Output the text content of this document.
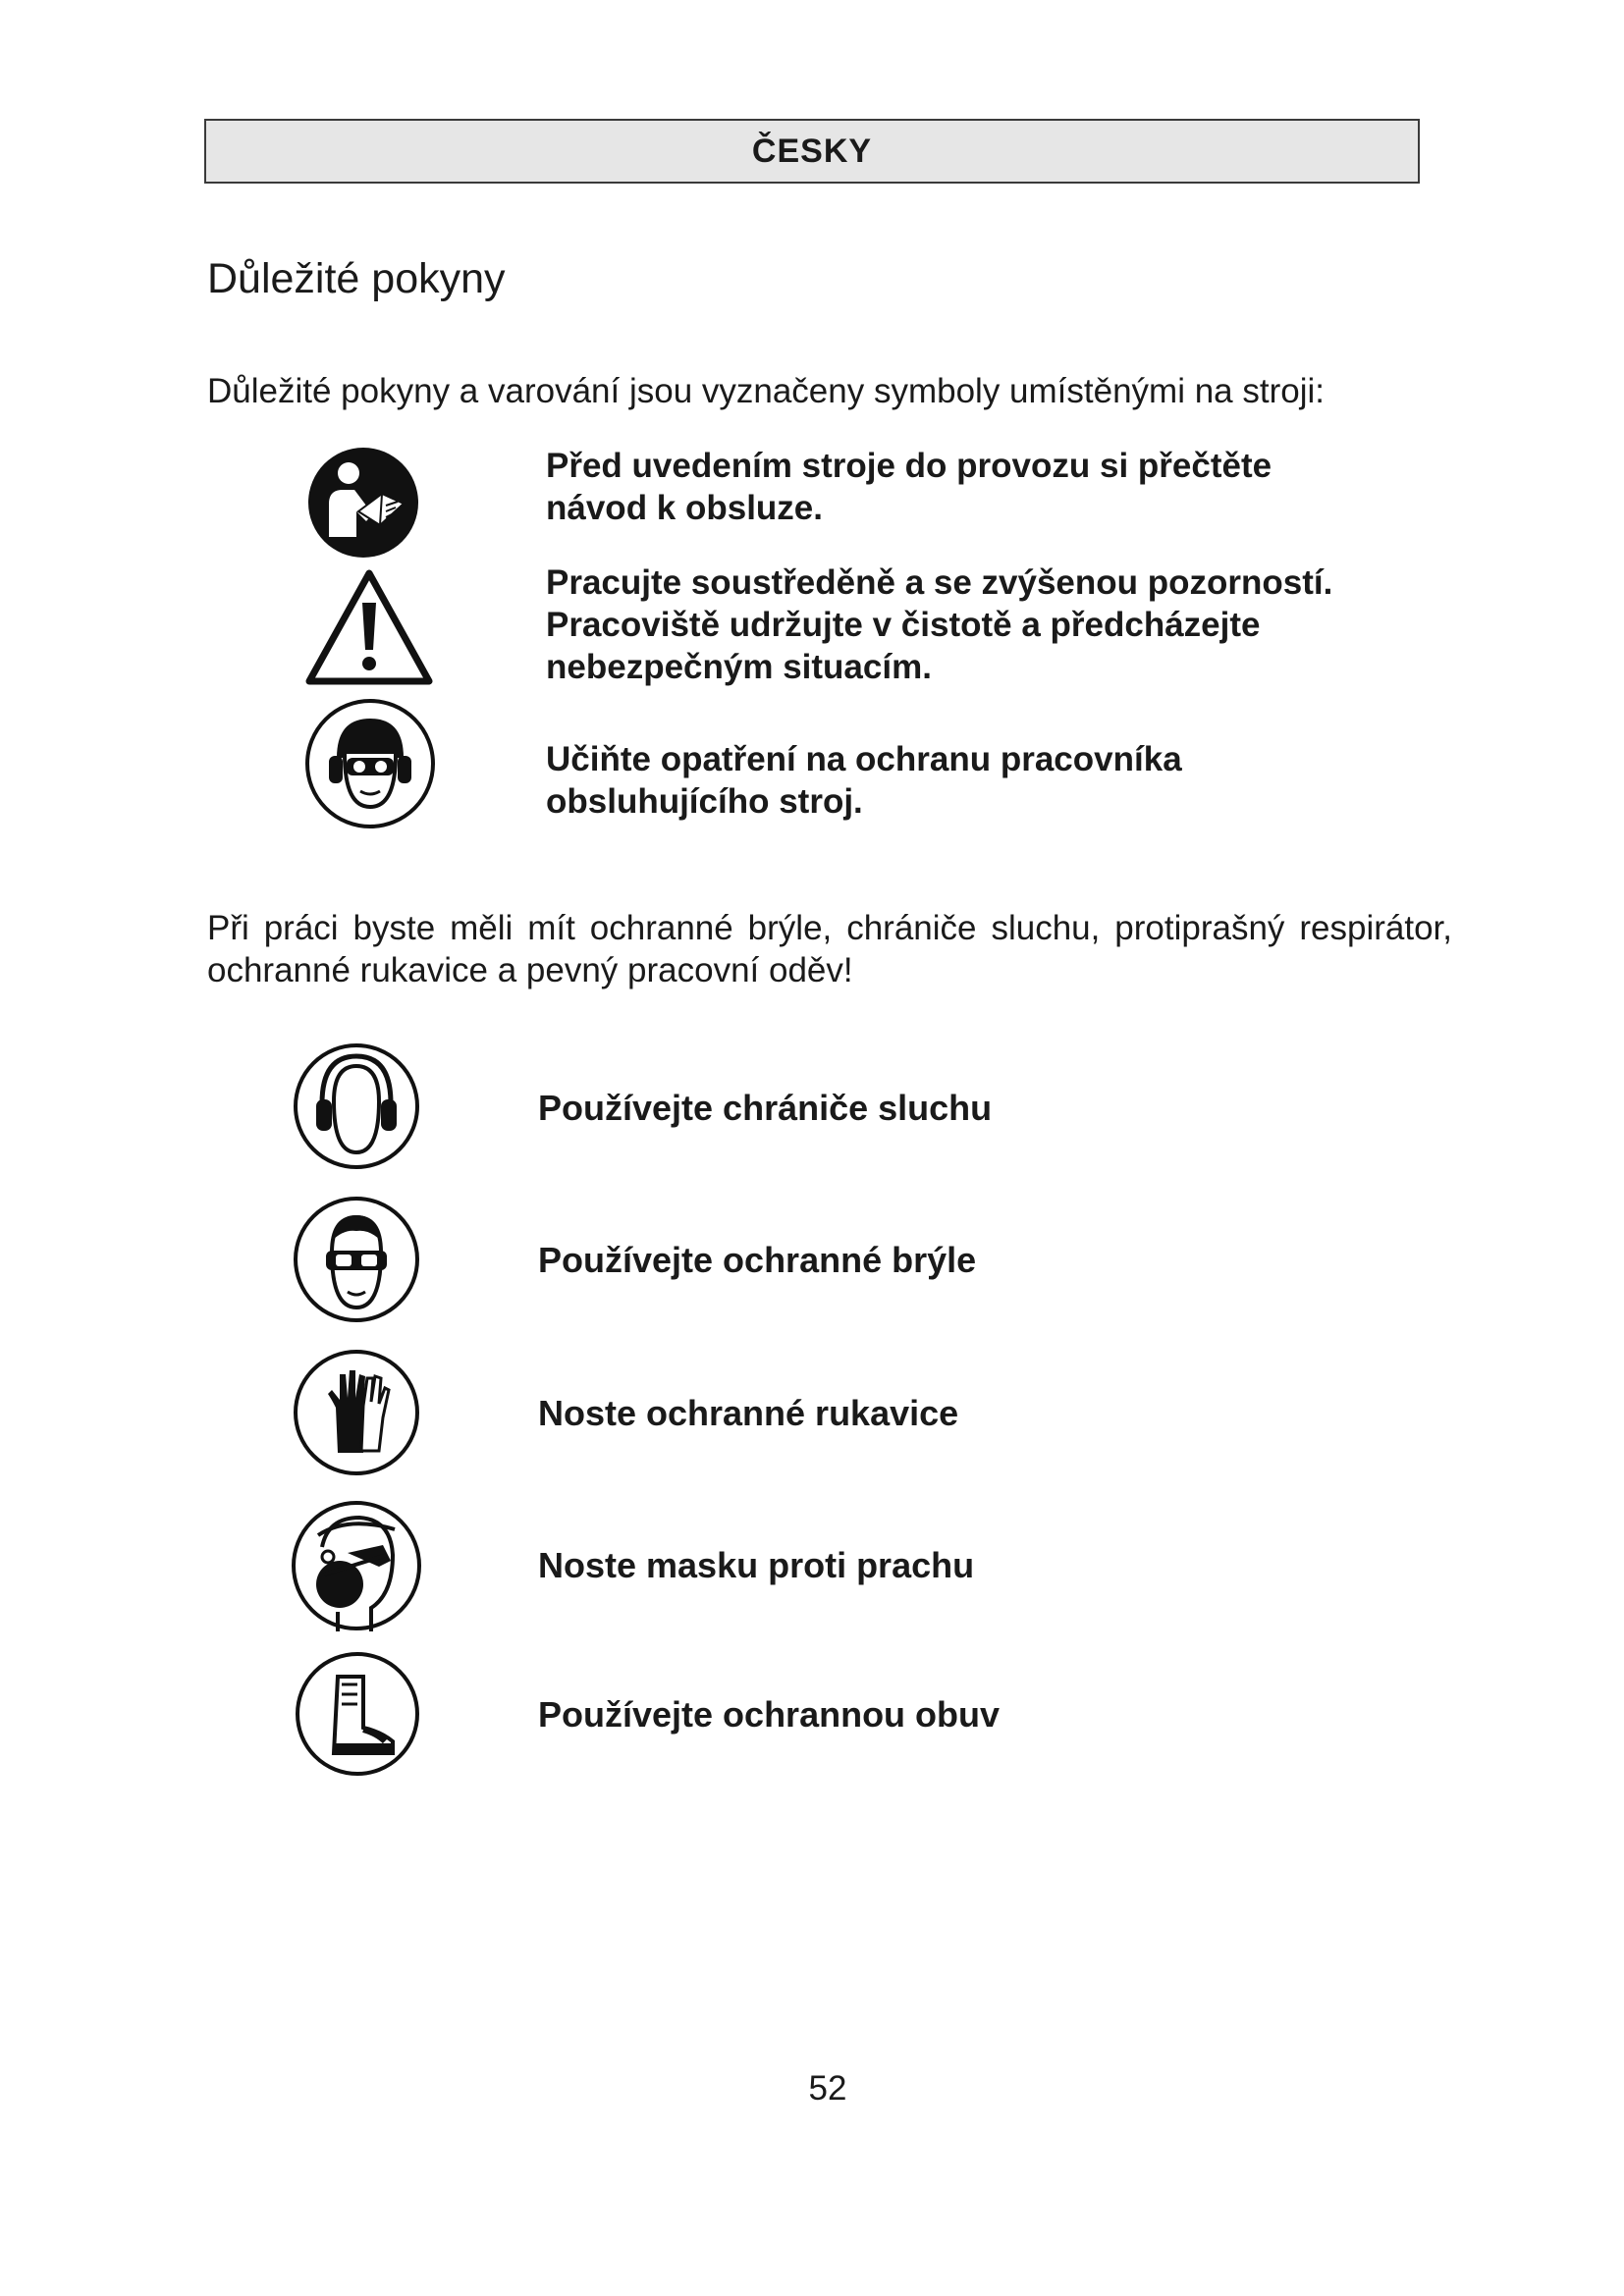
ČESKY
Důležité pokyny
Důležité pokyny a varování jsou vyznačeny symboly umístěnými na stroji:
Před uvedením stroje do provozu si přečtěte
návod k obsluze.
Pracujte soustředěně a se zvýšenou pozorností.
Pracoviště udržujte v čistotě a předcházejte
nebezpečným situacím.
Učiňte opatření na ochranu pracovníka
obsluhujícího stroj.
Při práci byste měli mít ochranné brýle, chrániče sluchu, protiprašný respirátor, ochranné rukavice a pevný pracovní oděv!
Používejte chrániče sluchu
Používejte ochranné brýle
Noste ochranné rukavice
Noste masku proti prachu
Používejte ochrannou obuv
52
